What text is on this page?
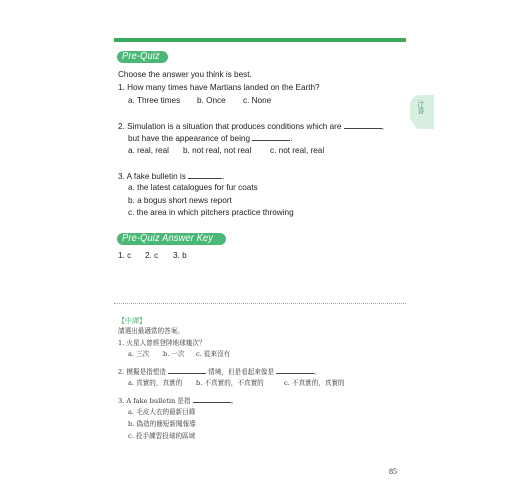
Pre-Quiz
Choose the answer you think is best.
1. How many times have Martians landed on the Earth?
a. Three times b. Once c. None
2. Simulation is a situation that produces conditions which are	,
but have the appearance of being	.
a. real, real b. not real, not real c. not real, real
3. A fake bulletin is	.
a. the latest catalogues for fur coats
b. a bogus short news report
c. the area in which pitchers practice throwing
Pre-Quiz Answer Key
1. c 2. c 3. b
汁香
【中譯】
請選出最適當的答案。
1. 火星人曾經登陸地球幾次？
a. 三次 b. 一次 c. 從來沒有
2. 模擬是指塑造	情境，但是看起來像是	。
a. 真實的，真實的 b. 不真實的，不真實的	c. 不真實的，真實的
3. A fake bulletin 是指	。
a. 毛皮大衣的最新目錄
b. 偽造的簡短新聞報導
c. 投手練習投球的區域
85
